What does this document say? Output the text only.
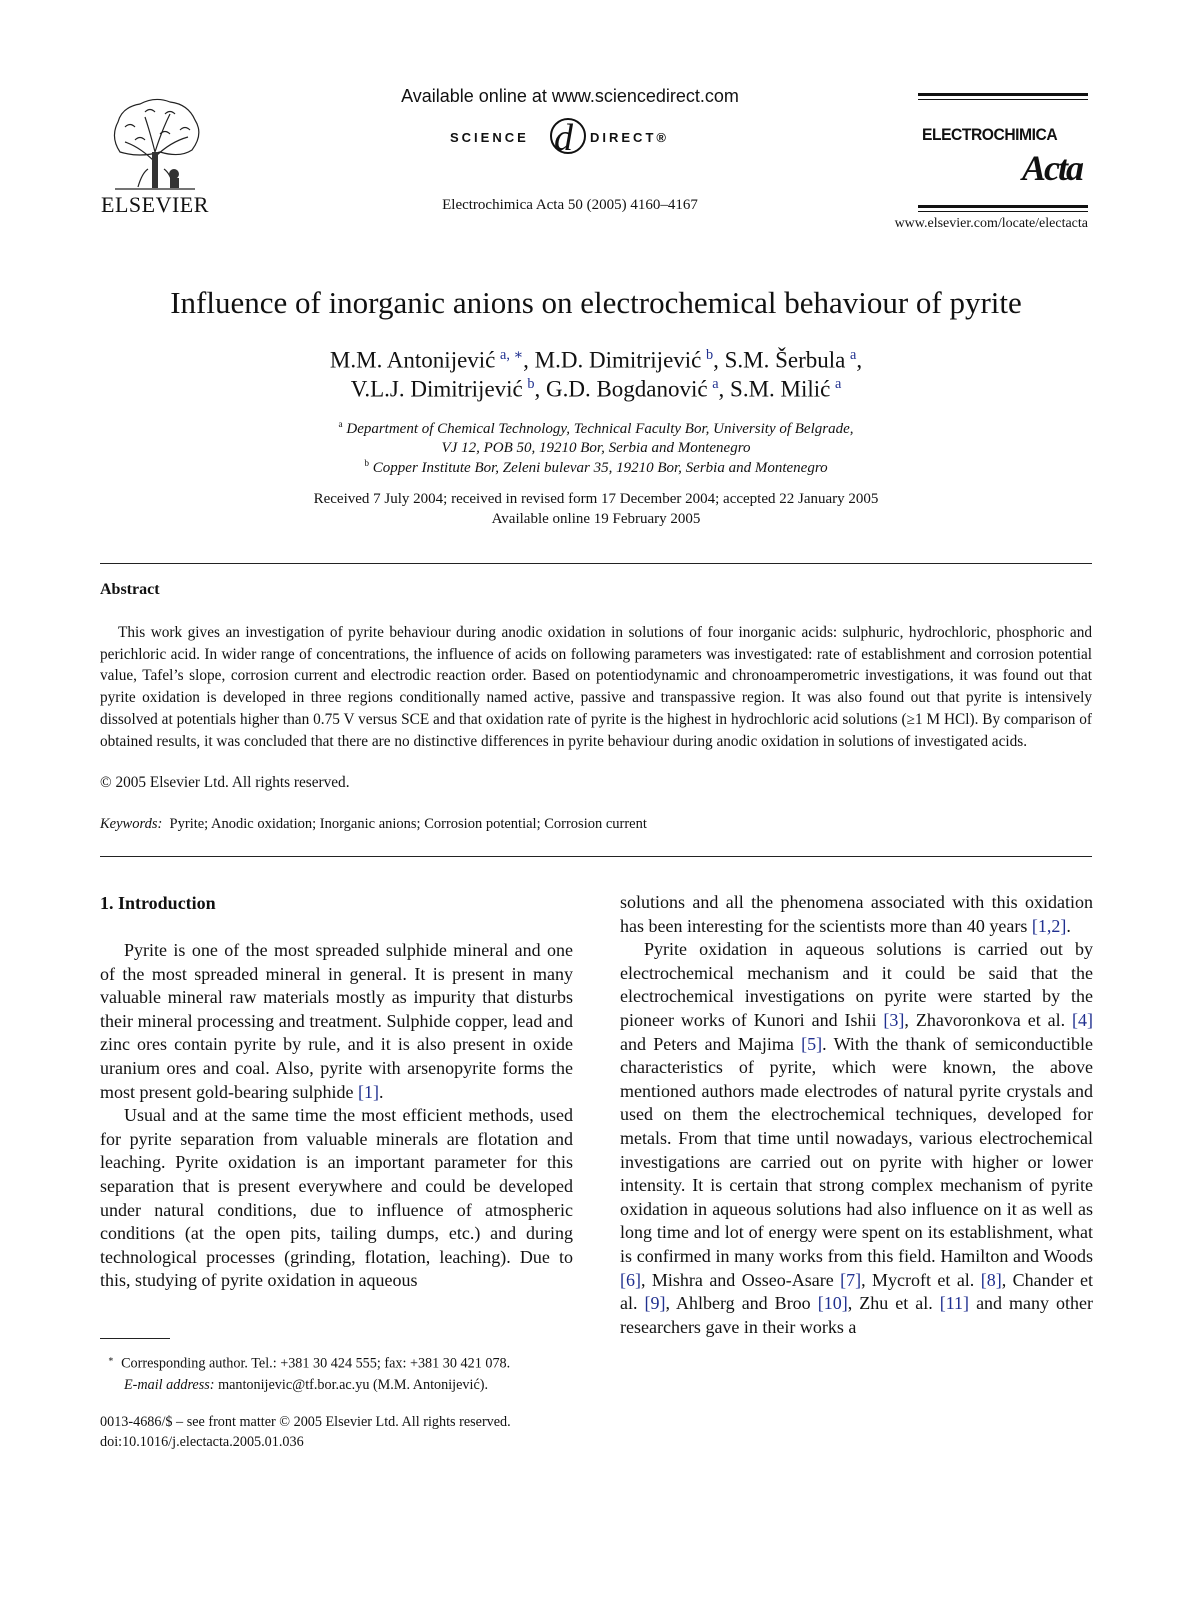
ELSEVIER
Available online at www.sciencedirect.com
SCIENCE d DIRECT®
Electrochimica Acta 50 (2005) 4160–4167
ELECTROCHIMICA
Acta
www.elsevier.com/locate/electacta
Influence of inorganic anions on electrochemical behaviour of pyrite
M.M. Antonijević  $^{a, ∗}$, M.D. Dimitrijević  $^b$, S.M. Šerbula  $^a$,
V.L.J. Dimitrijević  $^b$, G.D. Bogdanović  $^a$, S.M. Milić  $^a$
$^a$ Department of Chemical Technology, Technical Faculty Bor, University of Belgrade,
VJ 12, POB 50, 19210 Bor, Serbia and Montenegro
$^b$ Copper Institute Bor, Zeleni bulevar 35, 19210 Bor, Serbia and Montenegro
Received 7 July 2004; received in revised form 17 December 2004; accepted 22 January 2005
Available online 19 February 2005
Abstract
This work gives an investigation of pyrite behaviour during anodic oxidation in solutions of four inorganic acids: sulphuric, hydrochloric, phosphoric and perichloric acid. In wider range of concentrations, the influence of acids on following parameters was investigated: rate of establishment and corrosion potential value, Tafel’s slope, corrosion current and electrodic reaction order. Based on potentiodynamic and chronoamperometric investigations, it was found out that pyrite oxidation is developed in three regions conditionally named active, passive and transpassive region. It was also found out that pyrite is intensively dissolved at potentials higher than 0.75 V versus SCE and that oxidation rate of pyrite is the highest in hydrochloric acid solutions (≥1 M HCl). By comparison of obtained results, it was concluded that there are no distinctive differences in pyrite behaviour during anodic oxidation in solutions of investigated acids.
© 2005 Elsevier Ltd. All rights reserved.
Keywords: Pyrite; Anodic oxidation; Inorganic anions; Corrosion potential; Corrosion current
1. Introduction

Pyrite is one of the most spreaded sulphide mineral and one of the most spreaded mineral in general. It is present in many valuable mineral raw materials mostly as impurity that disturbs their mineral processing and treatment. Sulphide copper, lead and zinc ores contain pyrite by rule, and it is also present in oxide uranium ores and coal. Also, pyrite with arsenopyrite forms the most present gold-bearing sulphide [1].

Usual and at the same time the most efficient methods, used for pyrite separation from valuable minerals are flotation and leaching. Pyrite oxidation is an important parameter for this separation that is present everywhere and could be developed under natural conditions, due to influence of atmospheric conditions (at the open pits, tailing dumps, etc.) and during technological processes (grinding, flotation, leaching). Due to this, studying of pyrite oxidation in aqueous

solutions and all the phenomena associated with this oxidation has been interesting for the scientists more than 40 years [1,2].

Pyrite oxidation in aqueous solutions is carried out by electrochemical mechanism and it could be said that the electrochemical investigations on pyrite were started by the pioneer works of Kunori and Ishii [3], Zhavoronkova et al. [4] and Peters and Majima [5]. With the thank of semiconductible characteristics of pyrite, which were known, the above mentioned authors made electrodes of natural pyrite crystals and used on them the electrochemical techniques, developed for metals. From that time until nowadays, various electrochemical investigations are carried out on pyrite with higher or lower intensity. It is certain that strong complex mechanism of pyrite oxidation in aqueous solutions had also influence on it as well as long time and lot of energy were spent on its establishment, what is confirmed in many works from this field. Hamilton and Woods [6], Mishra and Osseo-Asare [7], Mycroft et al. [8], Chander et al. [9], Ahlberg and Broo [10], Zhu et al. [11] and many other researchers gave in their works a

∗ Corresponding author. Tel.: +381 30 424 555; fax: +381 30 421 078.
E-mail address: mantonijevic@tf.bor.ac.yu (M.M. Antonijević).
0013-4686/$ – see front matter © 2005 Elsevier Ltd. All rights reserved.
doi:10.1016/j.electacta.2005.01.036
